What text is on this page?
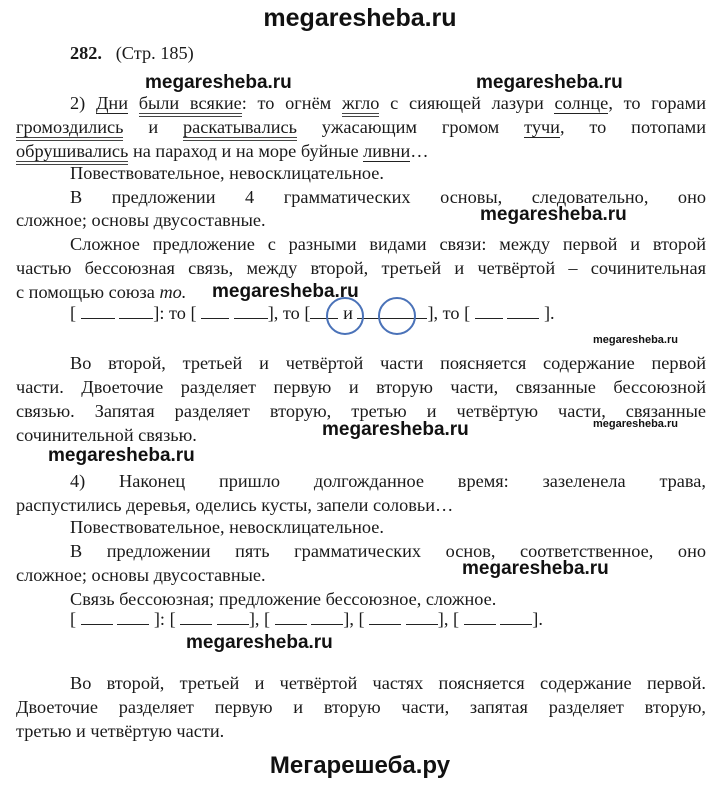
megaresheba.ru
megaresheba.ru	megaresheba.ru
megaresheba.ru
megaresheba.ru
megaresheba.ru
megaresheba.ru	megaresheba.ru
megaresheba.ru
megaresheba.ru
megaresheba.ru
Мегарешеба.ру
282. (Стр. 185)
2) Дни были всякие: то огнём жгло с сияющей лазури солнце, то горами
громоздились и раскатывались ужасающим громом тучи, то потопами
обрушивались на параход и на море буйные ливни…
Повествовательное, невосклицательное.
В предложении 4 грамматических основы, следовательно, оно
сложное; основы двусоставные.
Сложное предложение с разными видами связи: между первой и второй
частью бессоюзная связь, между второй, третьей и четвёртой – сочинительная
с помощью союза то.
[	]: то [	], то [ и	], то [	].
Во второй, третьей и четвёртой части поясняется содержание первой
части. Двоеточие разделяет первую и вторую части, связанные бессоюзной
связью. Запятая разделяет вторую, третью и четвёртую части, связанные
сочинительной связью.
4) Наконец пришло долгожданное время: зазеленела трава,
распустились деревья, оделись кусты, запели соловьи…
Повествовательное, невосклицательное.
В предложении пять грамматических основ, соответственное, оно
сложное; основы двусоставные.
Связь бессоюзная; предложение бессоюзное, сложное.
[	]: [	], [	], [	], [	].
Во второй, третьей и четвёртой частях поясняется содержание первой.
Двоеточие разделяет первую и вторую части, запятая разделяет вторую,
третью и четвёртую части.
